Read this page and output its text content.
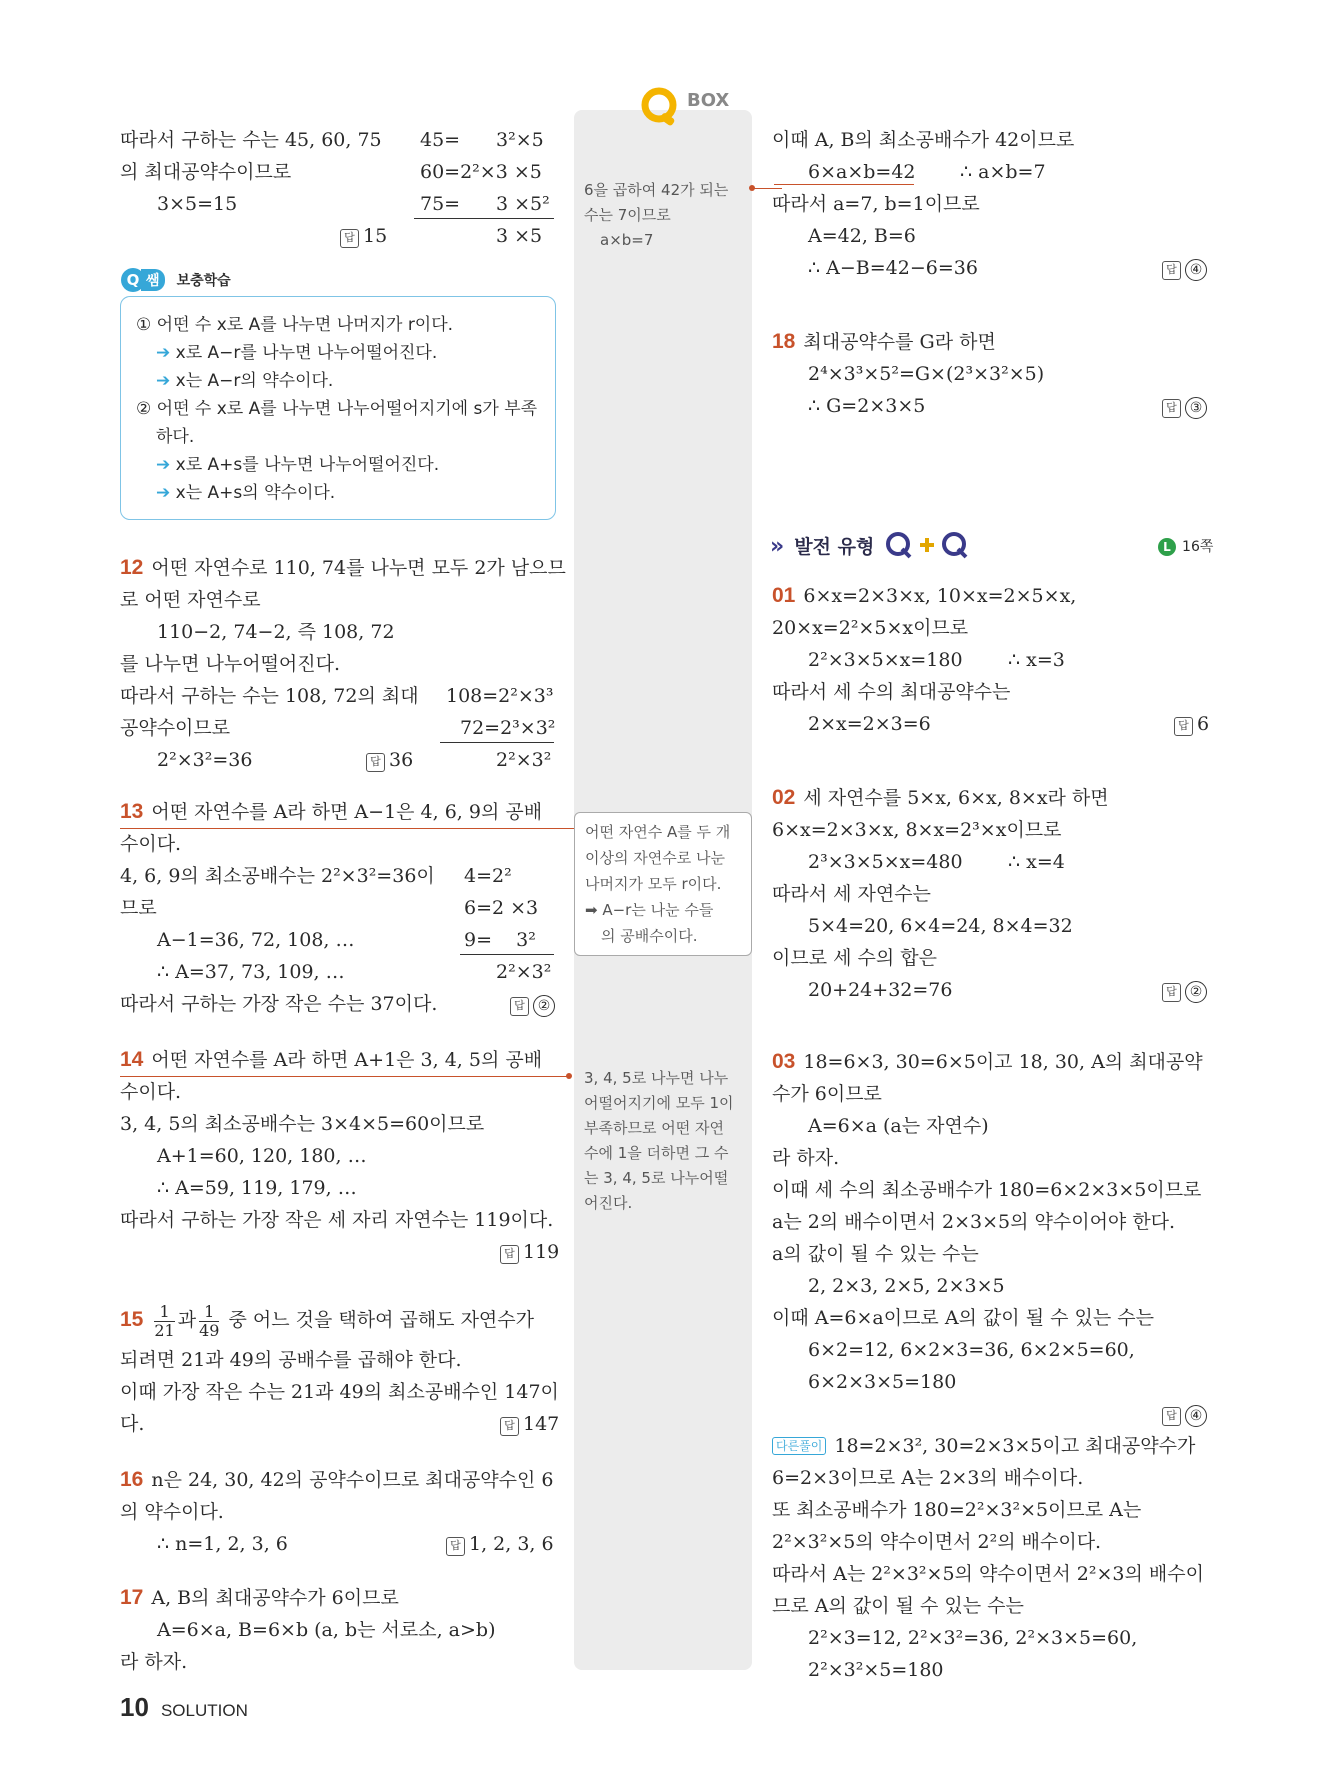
BOX
따라서 구하는 수는 45, 60, 75
의 최대공약수이므로
3×5=15
답 15
45= 3²×5
60=2²×3 ×5
75= 3 ×5²
3 ×5
Q 쌤 보충학습
① 어떤 수 x로 A를 나누면 나머지가 r이다.
➔ x로 A−r를 나누면 나누어떨어진다.
➔ x는 A−r의 약수이다.
② 어떤 수 x로 A를 나누면 나누어떨어지기에 s가 부족
하다.
➔ x로 A+s를 나누면 나누어떨어진다.
➔ x는 A+s의 약수이다.
12 어떤 자연수로 110, 74를 나누면 모두 2가 남으므
로 어떤 자연수로
110−2, 74−2, 즉 108, 72
를 나누면 나누어떨어진다.
따라서 구하는 수는 108, 72의 최대
공약수이므로
2²×3²=36	답 36
108=2²×3³
72=2³×3²
2²×3²
13 어떤 자연수를 A라 하면 A−1은 4, 6, 9의 공배
수이다.
4, 6, 9의 최소공배수는 2²×3²=36이
므로
A−1=36, 72, 108, …
∴ A=37, 73, 109, …
따라서 구하는 가장 작은 수는 37이다.	답 ②
4=2²
6=2 ×3
9=    3²
2²×3²
14 어떤 자연수를 A라 하면 A+1은 3, 4, 5의 공배
수이다.
3, 4, 5의 최소공배수는 3×4×5=60이므로
A+1=60, 120, 180, …
∴ A=59, 119, 179, …
따라서 구하는 가장 작은 세 자리 자연수는 119이다.
답 119
$15 \frac{1}{21}$ 과 $\frac{1}{49}$ 중 어느 것을 택하여 곱해도 자연수가
되려면 21과 49의 공배수를 곱해야 한다.
이때 가장 작은 수는 21과 49의 최소공배수인 147이
다.	답 147
16 n은 24, 30, 42의 공약수이므로 최대공약수인 6
의 약수이다.
∴ n=1, 2, 3, 6	답 1, 2, 3, 6
17 A, B의 최대공약수가 6이므로
A=6×a, B=6×b (a, b는 서로소, a>b)
라 하자.
10 SOLUTION
6을 곱하여 42가 되는
수는 7이므로
a×b=7
어떤 자연수 A를 두 개
이상의 자연수로 나눈
나머지가 모두 r이다.
➡ A−r는 나눈 수들
의 공배수이다.
3, 4, 5로 나누면 나누
어떨어지기에 모두 1이
부족하므로 어떤 자연
수에 1을 더하면 그 수
는 3, 4, 5로 나누어떨
어진다.
이때 A, B의 최소공배수가 42이므로
6×a×b=42 ∴ a×b=7
따라서 a=7, b=1이므로
A=42, B=6
∴ A−B=42−6=36	답 ④
18 최대공약수를 G라 하면
2⁴×3³×5²=G×(2³×3²×5)
∴ G=2×3×5	답 ③
» 발전 유형	L 16쪽
01 6×x=2×3×x, 10×x=2×5×x,
20×x=2²×5×x이므로
2²×3×5×x=180 ∴ x=3
따라서 세 수의 최대공약수는
2×x=2×3=6	답 6
02 세 자연수를 5×x, 6×x, 8×x라 하면
6×x=2×3×x, 8×x=2³×x이므로
2³×3×5×x=480 ∴ x=4
따라서 세 자연수는
5×4=20, 6×4=24, 8×4=32
이므로 세 수의 합은
20+24+32=76	답 ②
03 18=6×3, 30=6×5이고 18, 30, A의 최대공약
수가 6이므로
A=6×a (a는 자연수)
라 하자.
이때 세 수의 최소공배수가 180=6×2×3×5이므로
a는 2의 배수이면서 2×3×5의 약수이어야 한다.
a의 값이 될 수 있는 수는
2, 2×3, 2×5, 2×3×5
이때 A=6×a이므로 A의 값이 될 수 있는 수는
6×2=12, 6×2×3=36, 6×2×5=60,
6×2×3×5=180
답 ④
다른풀이 18=2×3², 30=2×3×5이고 최대공약수가
6=2×3이므로 A는 2×3의 배수이다.
또 최소공배수가 180=2²×3²×5이므로 A는
2²×3²×5의 약수이면서 2²의 배수이다.
따라서 A는 2²×3²×5의 약수이면서 2²×3의 배수이
므로 A의 값이 될 수 있는 수는
2²×3=12, 2²×3²=36, 2²×3×5=60,
2²×3²×5=180
